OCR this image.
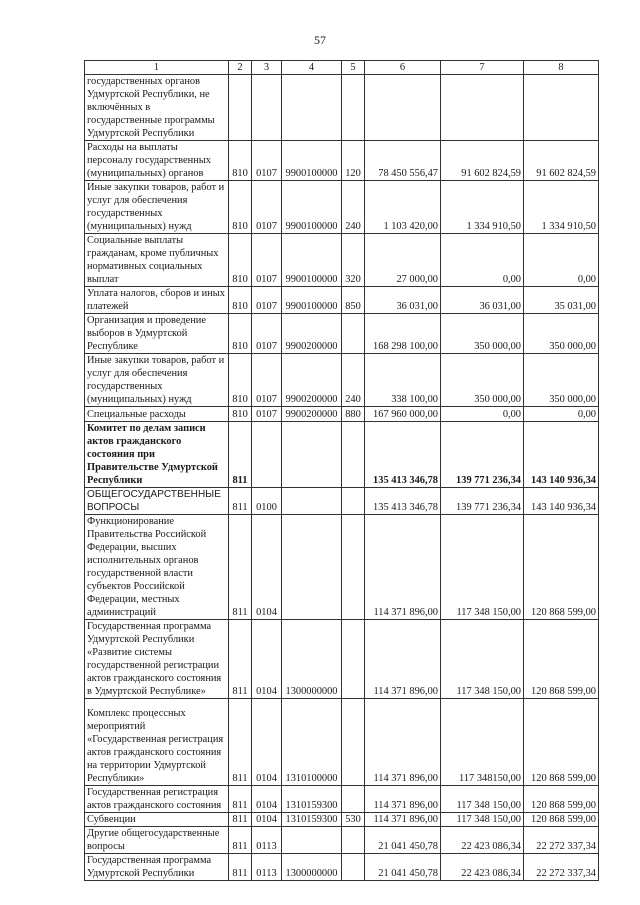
57
1	2	3	4	5	6	7	8
государственных органов Удмуртской Республики, не включённых в государственные программы Удмуртской Республики							
Расходы на выплаты персоналу государственных (муниципальных) органов	810	0107	9900100000	120	78 450 556,47	91 602 824,59	91 602 824,59
Иные закупки товаров, работ и услуг для обеспечения государственных (муниципальных) нужд	810	0107	9900100000	240	1 103 420,00	1 334 910,50	1 334 910,50
Социальные выплаты гражданам, кроме публичных нормативных социальных выплат	810	0107	9900100000	320	27 000,00	0,00	0,00
Уплата налогов, сборов и иных платежей	810	0107	9900100000	850	36 031,00	36 031,00	35 031,00
Организация и проведение выборов в Удмуртской Республике	810	0107	9900200000		168 298 100,00	350 000,00	350 000,00
Иные закупки товаров, работ и услуг для обеспечения государственных (муниципальных) нужд	810	0107	9900200000	240	338 100,00	350 000,00	350 000,00
Специальные расходы	810	0107	9900200000	880	167 960 000,00	0,00	0,00
Комитет по делам записи актов гражданского состояния при Правительстве Удмуртской Республики	811				135 413 346,78	139 771 236,34	143 140 936,34
ОБЩЕГОСУДАРСТВЕННЫЕ ВОПРОСЫ	811	0100			135 413 346,78	139 771 236,34	143 140 936,34
Функционирование Правительства Российской Федерации, высших исполнительных органов государственной власти субъектов Российской Федерации, местных администраций	811	0104			114 371 896,00	117 348 150,00	120 868 599,00
Государственная программа Удмуртской Республики «Развитие системы государственной регистрации актов гражданского состояния в Удмуртской Республике»	811	0104	1300000000		114 371 896,00	117 348 150,00	120 868 599,00
Комплекс процессных мероприятий «Государственная регистрация актов гражданского состояния на территории Удмуртской Республики»	811	0104	1310100000		114 371 896,00	117 348150,00	120 868 599,00
Государственная регистрация актов гражданского состояния	811	0104	1310159300		114 371 896,00	117 348 150,00	120 868 599,00
Субвенции	811	0104	1310159300	530	114 371 896,00	117 348 150,00	120 868 599,00
Другие общегосударственные вопросы	811	0113			21 041 450,78	22 423 086,34	22 272 337,34
Государственная программа Удмуртской Республики	811	0113	1300000000		21 041 450,78	22 423 086,34	22 272 337,34
